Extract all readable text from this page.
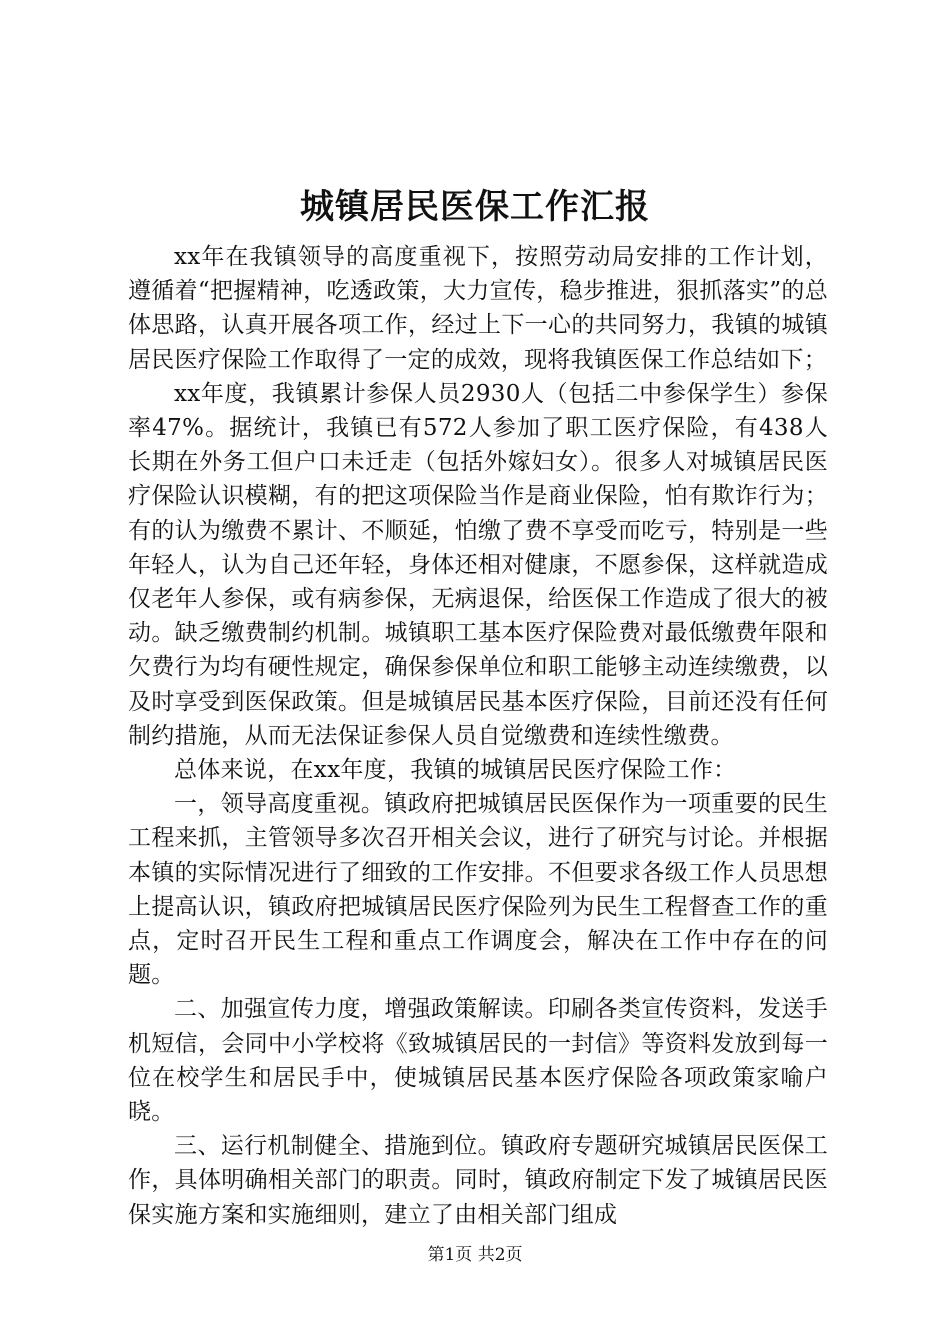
城镇居民医保工作汇报

xx年在我镇领导的高度重视下，按照劳动局安排的工作计划，遵循着“把握精神，吃透政策，大力宣传，稳步推进，狠抓落实”的总体思路，认真开展各项工作，经过上下一心的共同努力，我镇的城镇居民医疗保险工作取得了一定的成效，现将我镇医保工作总结如下；

xx年度，我镇累计参保人员2930人（包括二中参保学生）参保率47%。据统计，我镇已有572人参加了职工医疗保险，有438人长期在外务工但户口未迁走（包括外嫁妇女）。很多人对城镇居民医疗保险认识模糊，有的把这项保险当作是商业保险，怕有欺诈行为；有的认为缴费不累计、不顺延，怕缴了费不享受而吃亏，特别是一些年轻人，认为自己还年轻，身体还相对健康，不愿参保，这样就造成仅老年人参保，或有病参保，无病退保，给医保工作造成了很大的被动。缺乏缴费制约机制。城镇职工基本医疗保险费对最低缴费年限和欠费行为均有硬性规定，确保参保单位和职工能够主动连续缴费，以及时享受到医保政策。但是城镇居民基本医疗保险，目前还没有任何制约措施，从而无法保证参保人员自觉缴费和连续性缴费。

总体来说，在xx年度，我镇的城镇居民医疗保险工作：

一，领导高度重视。镇政府把城镇居民医保作为一项重要的民生工程来抓，主管领导多次召开相关会议，进行了研究与讨论。并根据本镇的实际情况进行了细致的工作安排。不但要求各级工作人员思想上提高认识，镇政府把城镇居民医疗保险列为民生工程督查工作的重点，定时召开民生工程和重点工作调度会，解决在工作中存在的问题。

二、加强宣传力度，增强政策解读。印刷各类宣传资料，发送手机短信，会同中小学校将《致城镇居民的一封信》等资料发放到每一位在校学生和居民手中，使城镇居民基本医疗保险各项政策家喻户晓。

三、运行机制健全、措施到位。镇政府专题研究城镇居民医保工作，具体明确相关部门的职责。同时，镇政府制定下发了城镇居民医保实施方案和实施细则，建立了由相关部门组成

第1页 共2页
